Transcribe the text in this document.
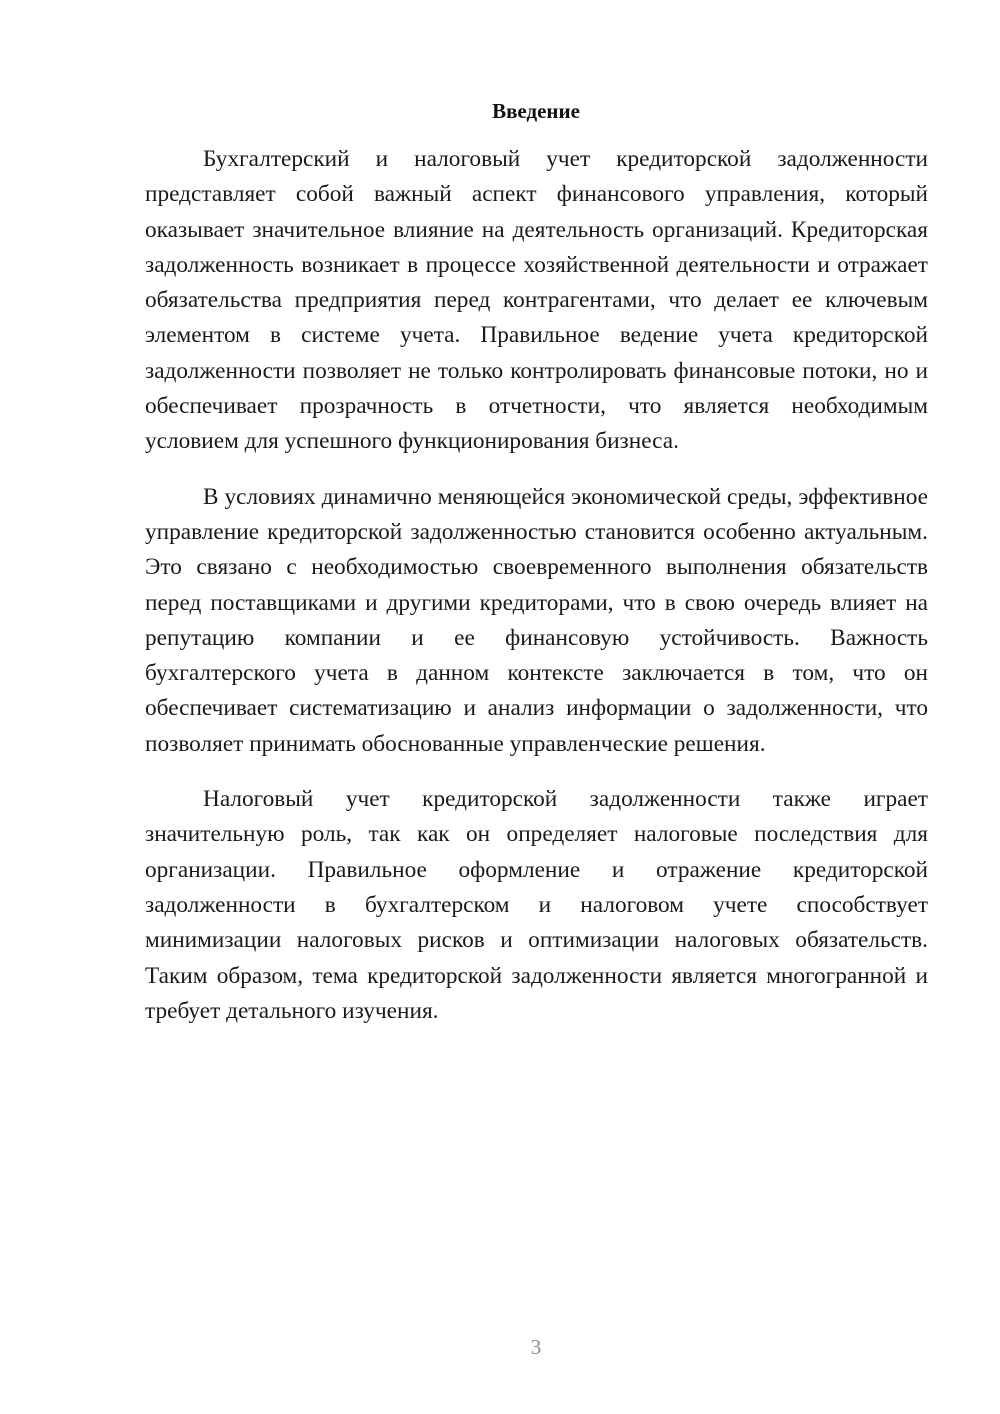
Введение

Бухгалтерский и налоговый учет кредиторской задолженности представляет собой важный аспект финансового управления, который оказывает значительное влияние на деятельность организаций. Кредиторская задолженность возникает в процессе хозяйственной деятельности и отражает обязательства предприятия перед контрагентами, что делает ее ключевым элементом в системе учета. Правильное ведение учета кредиторской задолженности позволяет не только контролировать финансовые потоки, но и обеспечивает прозрачность в отчетности, что является необходимым условием для успешного функционирования бизнеса.

В условиях динамично меняющейся экономической среды, эффективное управление кредиторской задолженностью становится особенно актуальным. Это связано с необходимостью своевременного выполнения обязательств перед поставщиками и другими кредиторами, что в свою очередь влияет на репутацию компании и ее финансовую устойчивость. Важность бухгалтерского учета в данном контексте заключается в том, что он обеспечивает систематизацию и анализ информации о задолженности, что позволяет принимать обоснованные управленческие решения.

Налоговый учет кредиторской задолженности также играет значительную роль, так как он определяет налоговые последствия для организации. Правильное оформление и отражение кредиторской задолженности в бухгалтерском и налоговом учете способствует минимизации налоговых рисков и оптимизации налоговых обязательств. Таким образом, тема кредиторской задолженности является многогранной и требует детального изучения.

3
